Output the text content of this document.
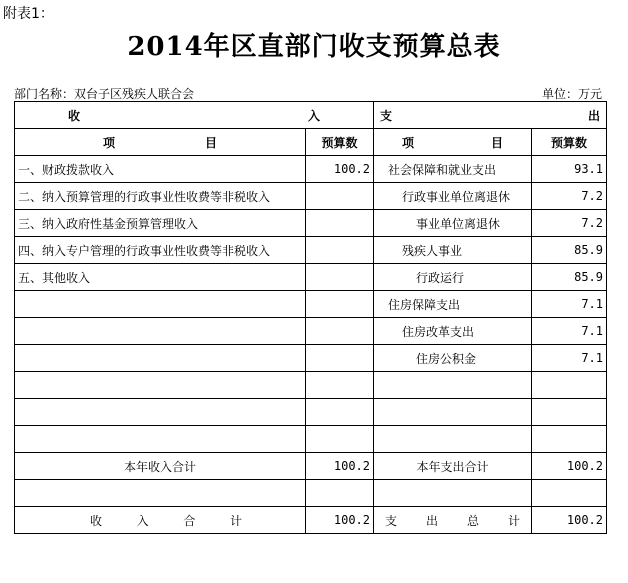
附表1：
2014年区直部门收支预算总表
部门名称：双台子区残疾人联合会	单位：万元
收 入		支 出	

项 目	预算数	项 目	预算数
一、财政拨款收入	100.2	社会保障和就业支出	93.1
二、纳入预算管理的行政事业性收费等非税收入		行政事业单位离退休	7.2
三、纳入政府性基金预算管理收入		事业单位离退休	7.2
四、纳入专户管理的行政事业性收费等非税收入		残疾人事业	85.9
五、其他收入		行政运行	85.9
		住房保障支出	7.1
		住房改革支出	7.1
		住房公积金	7.1

本年收入合计	100.2	本年支出合计	100.2

收 入 合 计	100.2	支 出 总 计	100.2
